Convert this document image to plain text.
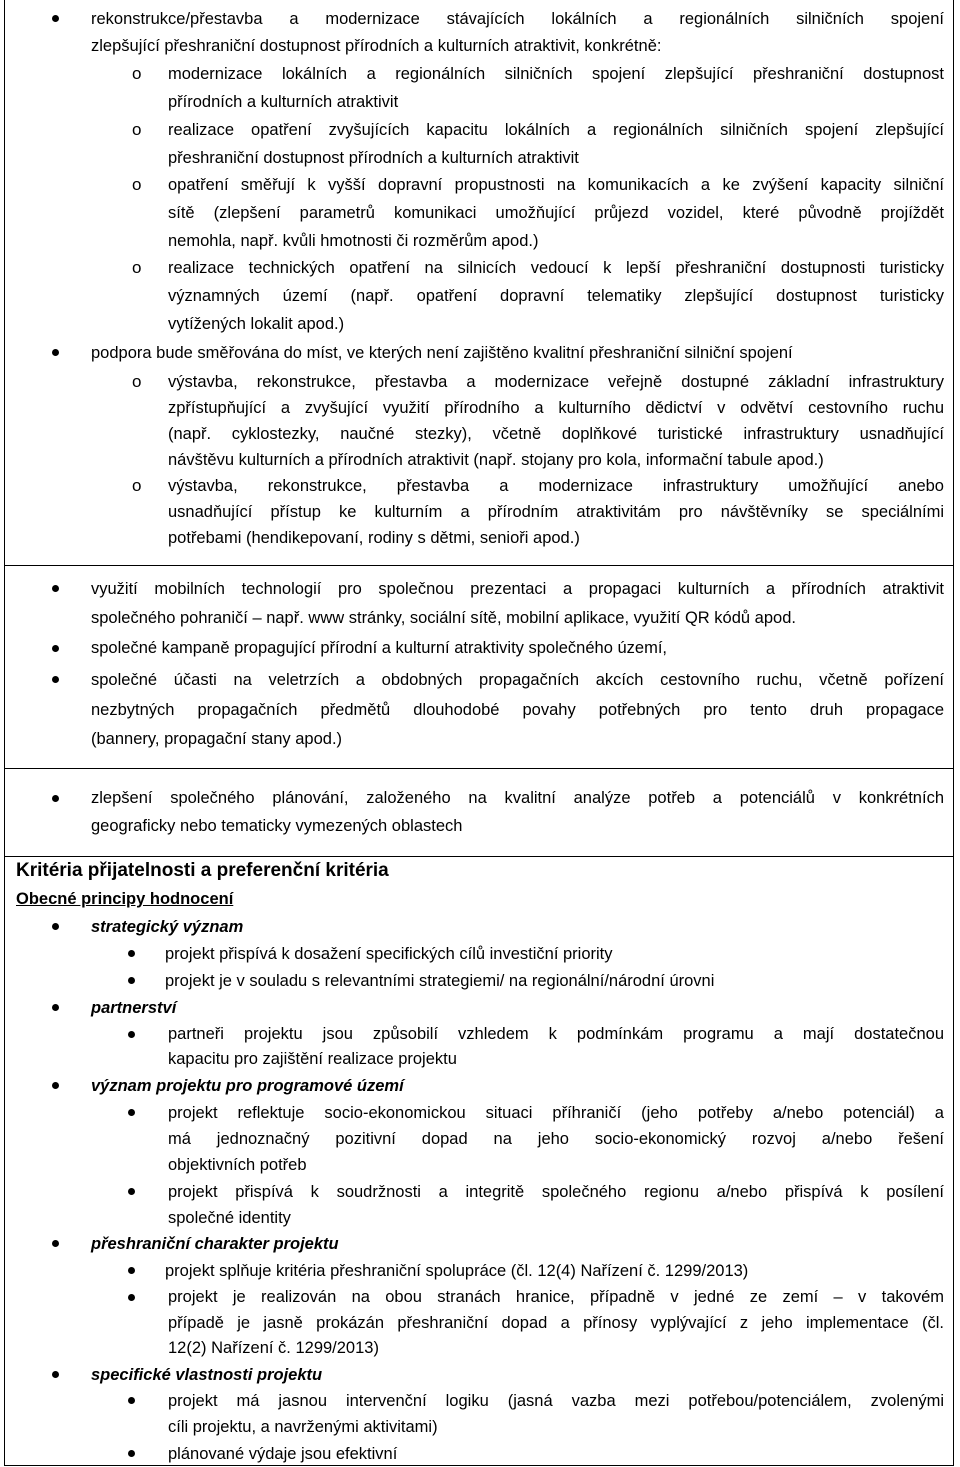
rekonstrukce/přestavba a modernizace stávajících lokálních a regionálních silničních spojení
zlepšující přeshraniční dostupnost přírodních a kulturních atraktivit, konkrétně:
o modernizace lokálních a regionálních silničních spojení zlepšující přeshraniční dostupnost
přírodních a kulturních atraktivit
o realizace opatření zvyšujících kapacitu lokálních a regionálních silničních spojení zlepšující
přeshraniční dostupnost přírodních a kulturních atraktivit
o opatření směřují k vyšší dopravní propustnosti na komunikacích a ke zvýšení kapacity silniční
sítě (zlepšení parametrů komunikaci umožňující průjezd vozidel, které původně projíždět
nemohla, např. kvůli hmotnosti či rozměrům apod.)
o realizace technických opatření na silnicích vedoucí k lepší přeshraniční dostupnosti turisticky
významných území (např. opatření dopravní telematiky zlepšující dostupnost turisticky
vytížených lokalit apod.)
podpora bude směřována do míst, ve kterých není zajištěno kvalitní přeshraniční silniční spojení
o výstavba, rekonstrukce, přestavba a modernizace veřejně dostupné základní infrastruktury
zpřístupňující a zvyšující využití přírodního a kulturního dědictví v odvětví cestovního ruchu
(např. cyklostezky, naučné stezky), včetně doplňkové turistické infrastruktury usnadňující
návštěvu kulturních a přírodních atraktivit (např. stojany pro kola, informační tabule apod.)
o výstavba, rekonstrukce, přestavba a modernizace infrastruktury umožňující anebo
usnadňující přístup ke kulturním a přírodním atraktivitám pro návštěvníky se speciálními
potřebami (hendikepovaní, rodiny s dětmi, senioři apod.)
využití mobilních technologií pro společnou prezentaci a propagaci kulturních a přírodních atraktivit
společného pohraničí – např. www stránky, sociální sítě, mobilní aplikace, využití QR kódů apod.
společné kampaně propagující přírodní a kulturní atraktivity společného území,
společné účasti na veletrzích a obdobných propagačních akcích cestovního ruchu, včetně pořízení
nezbytných propagačních předmětů dlouhodobé povahy potřebných pro tento druh propagace
(bannery, propagační stany apod.)
zlepšení společného plánování, založeného na kvalitní analýze potřeb a potenciálů v konkrétních
geograficky nebo tematicky vymezených oblastech
Kritéria přijatelnosti a preferenční kritéria
Obecné principy hodnocení
strategický význam
projekt přispívá k dosažení specifických cílů investiční priority
projekt je v souladu s relevantními strategiemi/ na regionální/národní úrovni
partnerství
partneři projektu jsou způsobilí vzhledem k podmínkám programu a mají dostatečnou
kapacitu pro zajištění realizace projektu
význam projektu pro programové území
projekt reflektuje socio-ekonomickou situaci příhraničí (jeho potřeby a/nebo potenciál) a
má jednoznačný pozitivní dopad na jeho socio-ekonomický rozvoj a/nebo řešení
objektivních potřeb
projekt přispívá k soudržnosti a integritě společného regionu a/nebo přispívá k posílení
společné identity
přeshraniční charakter projektu
projekt splňuje kritéria přeshraniční spolupráce (čl. 12(4) Nařízení č. 1299/2013)
projekt je realizován na obou stranách hranice, případně v jedné ze zemí – v takovém
případě je jasně prokázán přeshraniční dopad a přínosy vyplývající z jeho implementace (čl.
12(2) Nařízení č. 1299/2013)
specifické vlastnosti projektu
projekt má jasnou intervenční logiku (jasná vazba mezi potřebou/potenciálem, zvolenými
cíli projektu, a navrženými aktivitami)
plánované výdaje jsou efektivní
